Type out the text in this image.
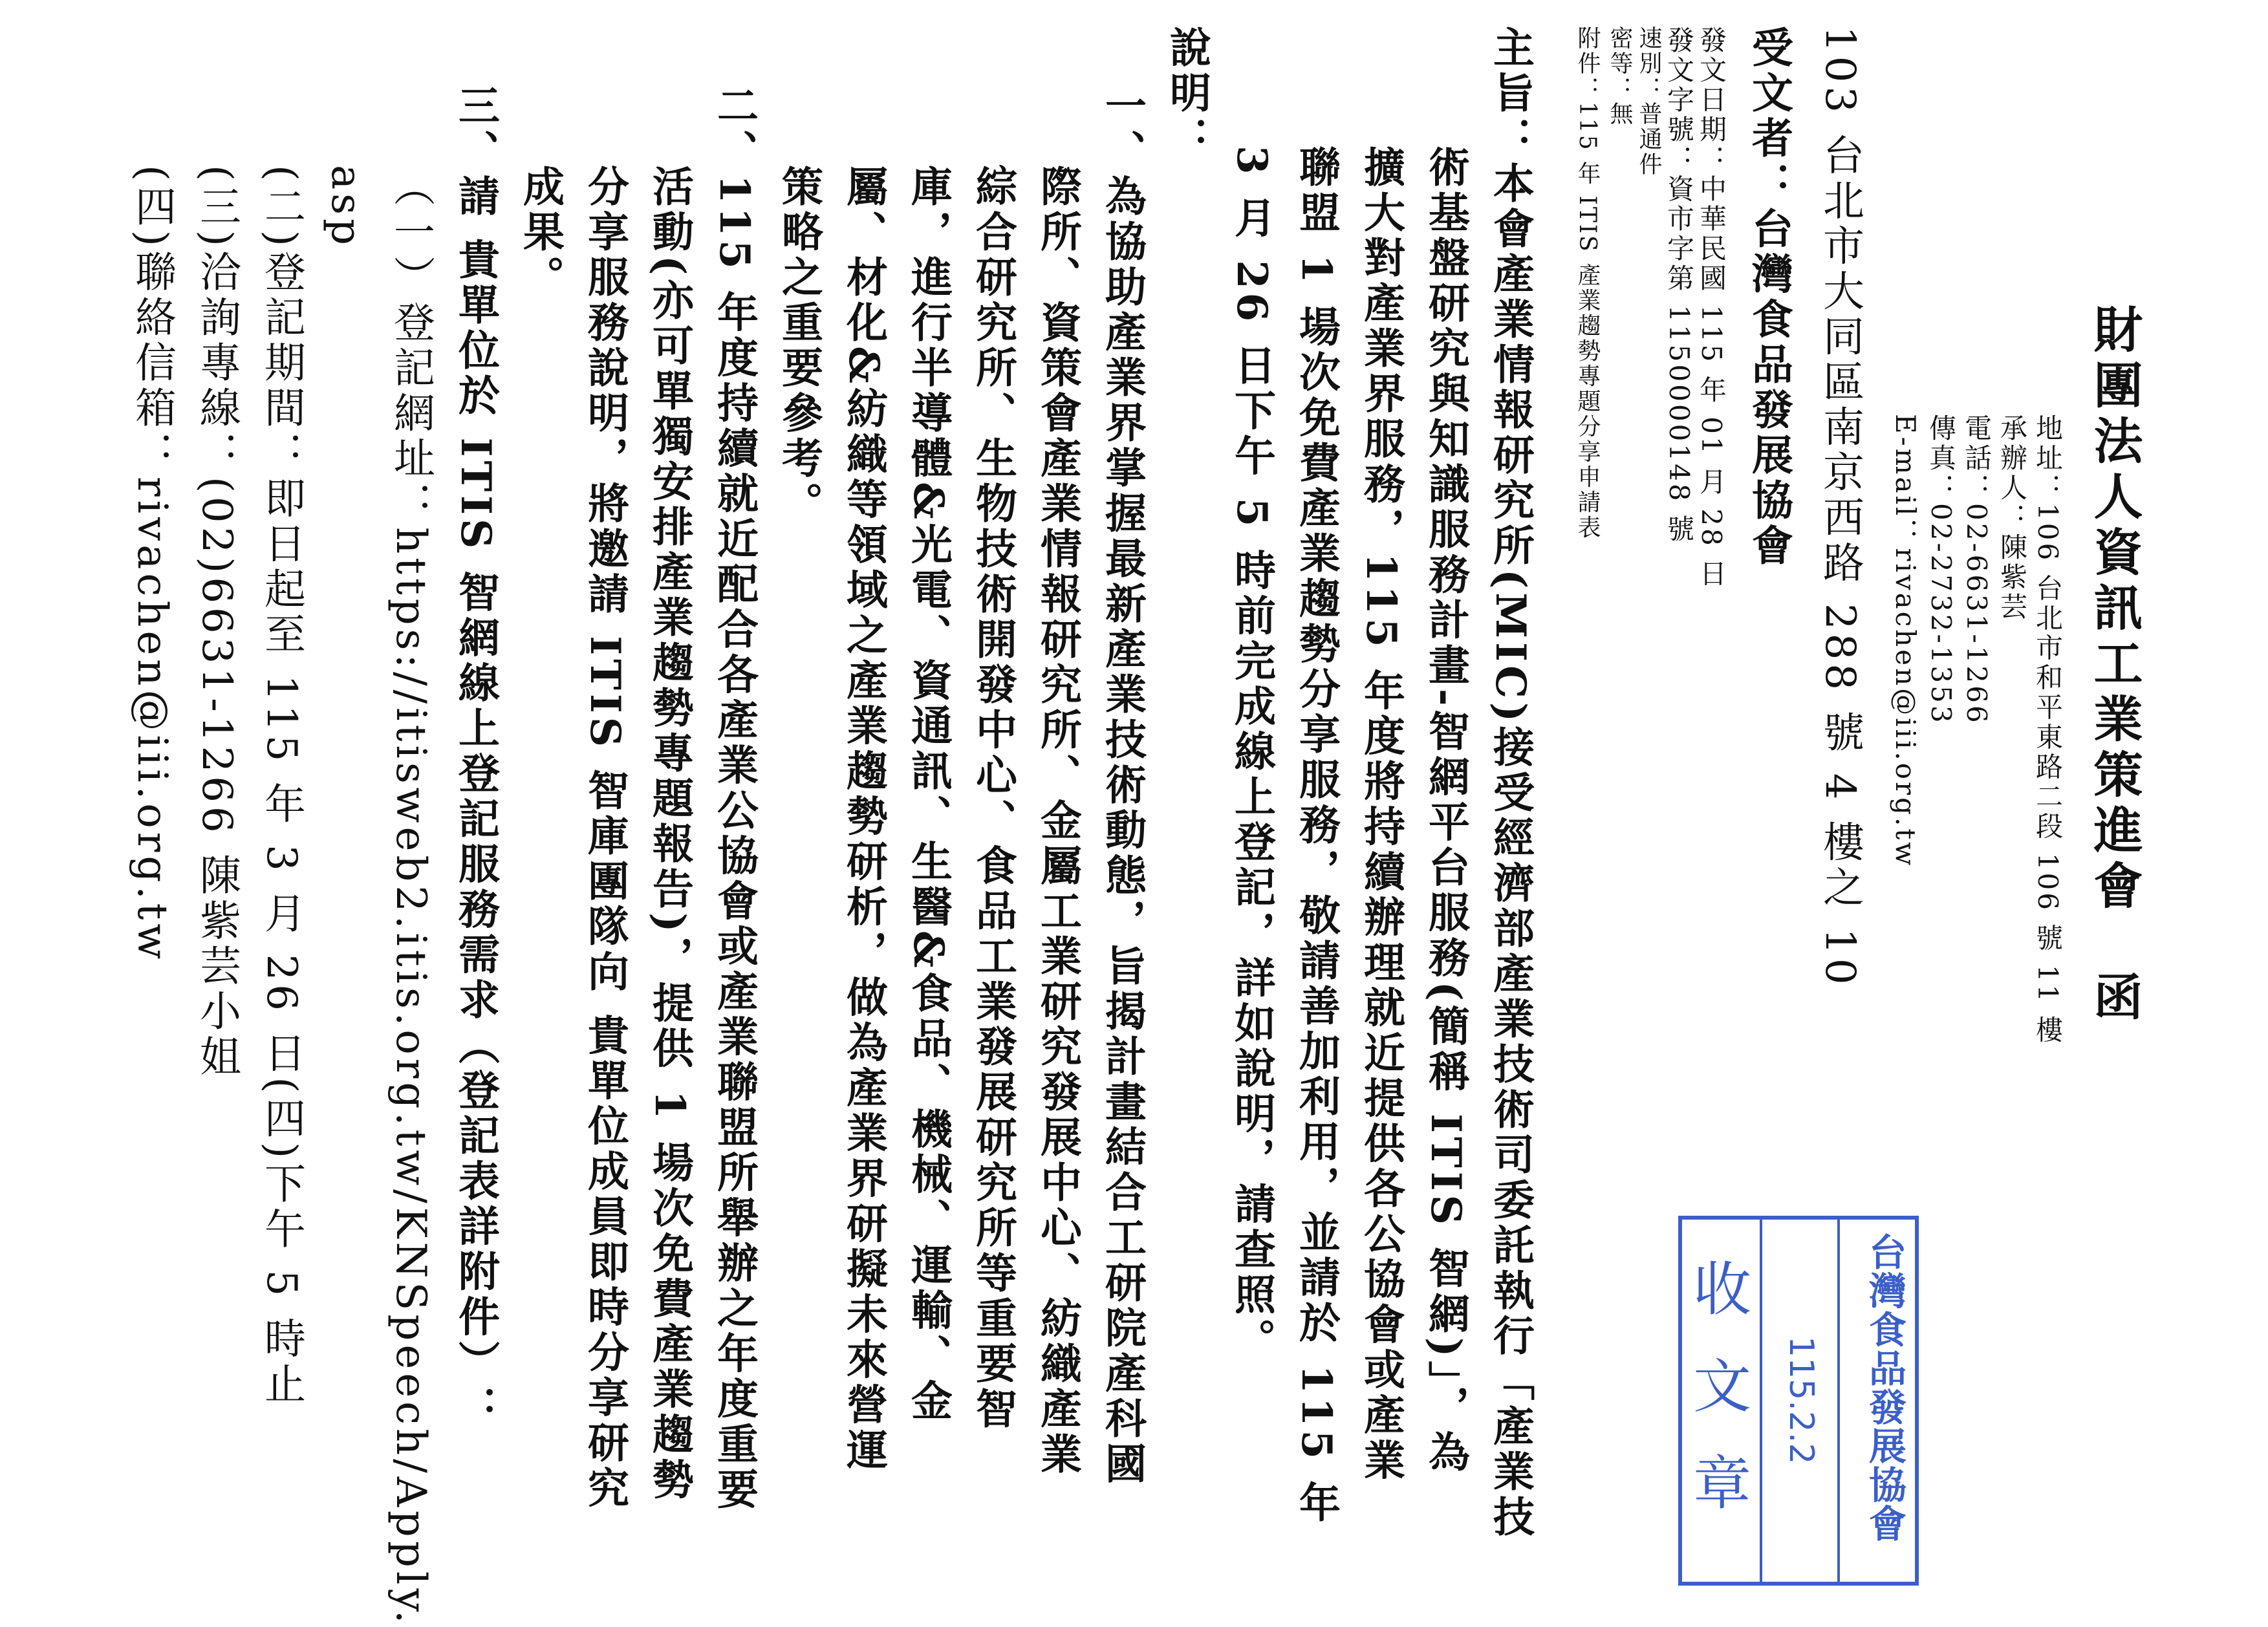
財團法人資訊工業策進會　函
地址：106 台北市和平東路二段 106 號 11 樓
承辦人：陳紫芸
電話：02-6631-1266
傳真：02-2732-1353
E-mail：rivachen@iii.org.tw
103 台北市大同區南京西路 288 號 4 樓之 10
受文者：台灣食品發展協會
發文日期：中華民國 115 年 01 月 28 日
發文字號：資市字第 1150000148 號
速別：普通件
密等：無
附件：115 年 ITIS 產業趨勢專題分享申請表
主旨：本會產業情報研究所(MIC)接受經濟部產業技術司委託執行「產業技
術基盤研究與知識服務計畫-智網平台服務(簡稱 ITIS 智網)」，為
擴大對產業界服務，115 年度將持續辦理就近提供各公協會或產業
聯盟 1 場次免費產業趨勢分享服務，敬請善加利用，並請於 115 年
3 月 26 日下午 5 時前完成線上登記，詳如說明，請查照。
說明：
一、為協助產業界掌握最新產業技術動態，旨揭計畫結合工研院產科國
際所、資策會產業情報研究所、金屬工業研究發展中心、紡織產業
綜合研究所、生物技術開發中心、食品工業發展研究所等重要智
庫，進行半導體&光電、資通訊、生醫&食品、機械、運輸、金
屬、材化&紡織等領域之產業趨勢研析，做為產業界研擬未來營運
策略之重要參考。
二、115 年度持續就近配合各產業公協會或產業聯盟所舉辦之年度重要
活動(亦可單獨安排產業趨勢專題報告)，提供 1 場次免費產業趨勢
分享服務說明，將邀請 ITIS 智庫團隊向 貴單位成員即時分享研究
成果。
三、請 貴單位於 ITIS 智網線上登記服務需求（登記表詳附件）：
（一）登記網址：https://itisweb2.itis.org.tw/KNSpeech/Apply.
asp
(二)登記期間：即日起至 115 年 3 月 26 日(四)下午 5 時止
(三)洽詢專線：(02)6631-1266 陳紫芸小姐
(四)聯絡信箱：rivachen@iii.org.tw
台灣食品發展協會
115.2.2
收文章
